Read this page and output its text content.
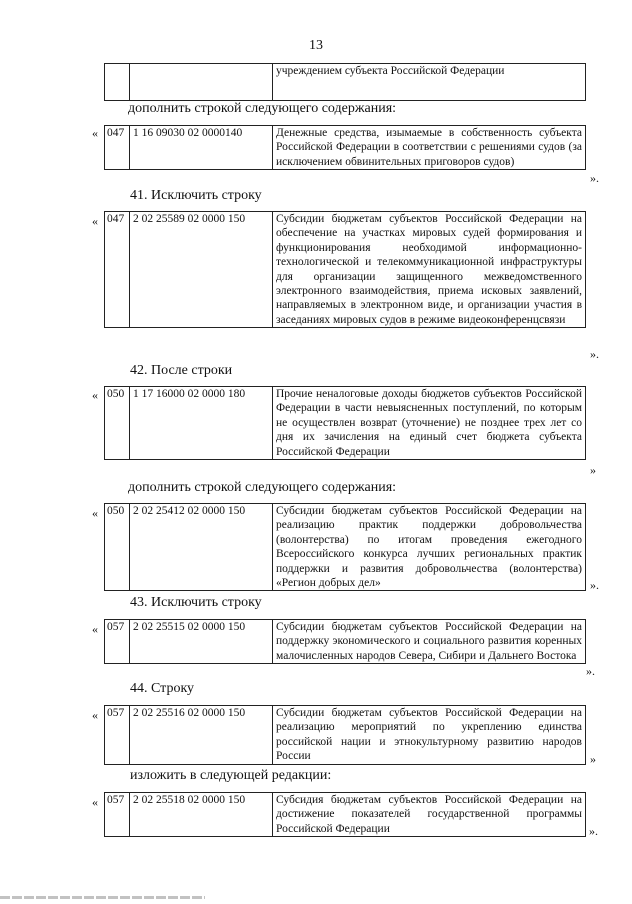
13
		учреждением субъекта Российской Федерации
дополнить строкой следующего содержания:
« 047	1 16 09030 02 0000140	Денежные средства, изымаемые в собственность субъекта Российской Федерации в соответствии с решениями судов (за исключением обвинительных приговоров судов)
».
41. Исключить строку
« 047	2 02 25589 02 0000 150	Субсидии бюджетам субъектов Российской Федерации на обеспечение на участках мировых судей формирования и функционирования необходимой информационно-технологической и телекоммуникационной инфраструктуры для организации защищенного межведомственного электронного взаимодействия, приема исковых заявлений, направляемых в электронном виде, и организации участия в заседаниях мировых судов в режиме видеоконференцсвязи
».
42. После строки
« 050	1 17 16000 02 0000 180	Прочие неналоговые доходы бюджетов субъектов Российской Федерации в части невыясненных поступлений, по которым не осуществлен возврат (уточнение) не позднее трех лет со дня их зачисления на единый счет бюджета субъекта Российской Федерации
»
дополнить строкой следующего содержания:
« 050	2 02 25412 02 0000 150	Субсидии бюджетам субъектов Российской Федерации на реализацию практик поддержки добровольчества (волонтерства) по итогам проведения ежегодного Всероссийского конкурса лучших региональных практик поддержки и развития добровольчества (волонтерства) «Регион добрых дел»	».
43. Исключить строку
« 057	2 02 25515 02 0000 150	Субсидии бюджетам субъектов Российской Федерации на поддержку экономического и социального развития коренных малочисленных народов Севера, Сибири и Дальнего Востока
».
44. Строку
« 057	2 02 25516 02 0000 150	Субсидии бюджетам субъектов Российской Федерации на реализацию мероприятий по укреплению единства российской нации и этнокультурному развитию народов России	»
изложить в следующей редакции:
« 057	2 02 25518 02 0000 150	Субсидия бюджетам субъектов Российской Федерации на достижение показателей государственной программы Российской Федерации	».
